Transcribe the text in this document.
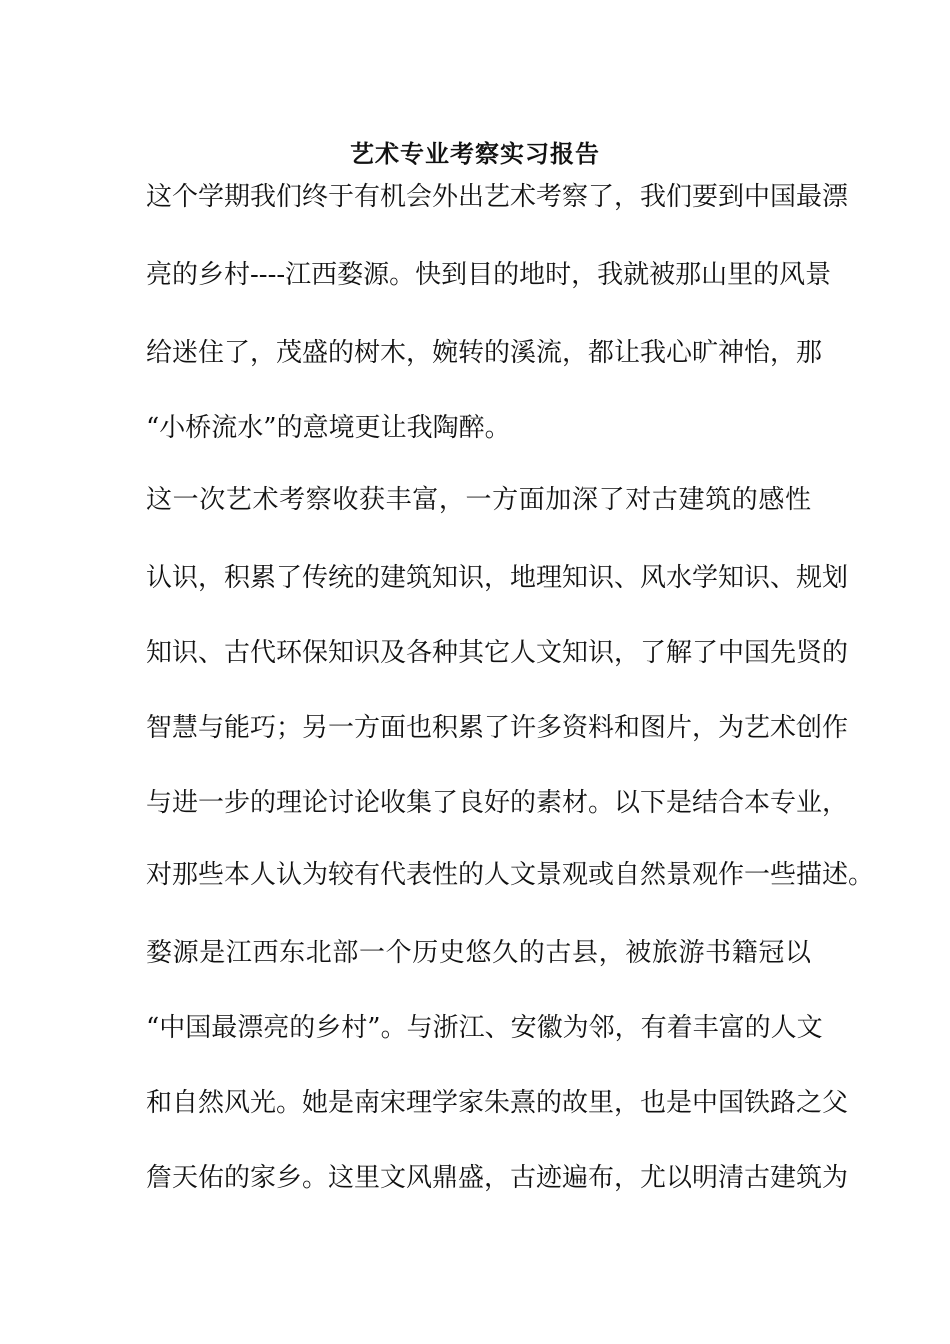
艺术专业考察实习报告
这个学期我们终于有机会外出艺术考察了，我们要到中国最漂
亮的乡村----江西婺源。快到目的地时，我就被那山里的风景
给迷住了，茂盛的树木，婉转的溪流，都让我心旷神怡，那
“小桥流水”的意境更让我陶醉。
这一次艺术考察收获丰富，一方面加深了对古建筑的感性
认识，积累了传统的建筑知识，地理知识、风水学知识、规划
知识、古代环保知识及各种其它人文知识，了解了中国先贤的
智慧与能巧；另一方面也积累了许多资料和图片，为艺术创作
与进一步的理论讨论收集了良好的素材。以下是结合本专业，
对那些本人认为较有代表性的人文景观或自然景观作一些描述。
婺源是江西东北部一个历史悠久的古县，被旅游书籍冠以
“中国最漂亮的乡村”。与浙江、安徽为邻，有着丰富的人文
和自然风光。她是南宋理学家朱熹的故里，也是中国铁路之父
詹天佑的家乡。这里文风鼎盛，古迹遍布，尤以明清古建筑为
